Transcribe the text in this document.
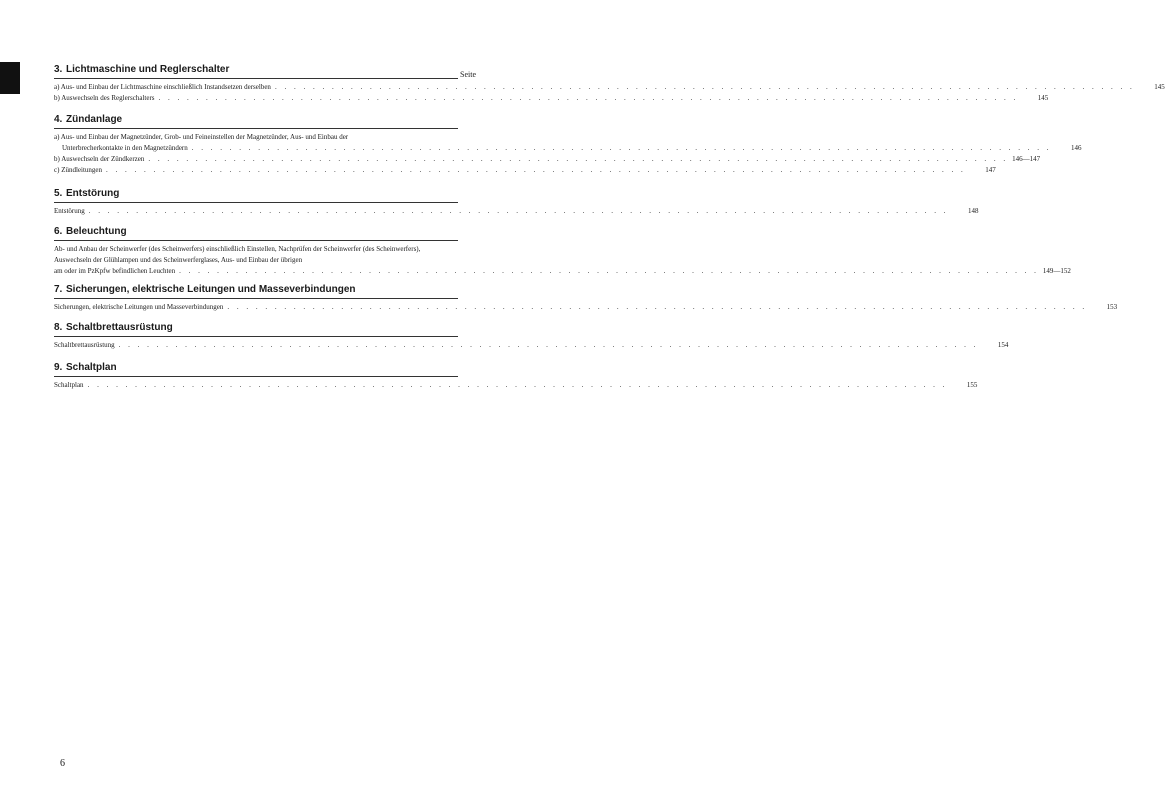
Seite
3. Lichtmaschine und Reglerschalter
a) Aus- und Einbau der Lichtmaschine einschließlich Instandsetzen derselben . . .	145
b) Auswechseln des Reglerschalters . . .	145
4. Zündanlage
a) Aus- und Einbau der Magnetzünder, Grob- und Feineinstellen der Magnetzünder, Aus- und Einbau der
Unterbrecherkontakte in den Magnetzündern . . .	146
b) Auswechseln der Zündkerzen . . .	146—147
c) Zündleitungen . . .	147
5. Entstörung
Entstörung . . .	148
6. Beleuchtung
Ab- und Anbau der Scheinwerfer (des Scheinwerfers) einschließlich Einstellen, Nachprüfen der Scheinwerfer (des Scheinwerfers), Auswechseln der Glühlampen und des Scheinwerferglases, Aus- und Einbau der übrigen
am oder im PzKpfw befindlichen Leuchten . . .	149—152
7. Sicherungen, elektrische Leitungen und Masseverbindungen
Sicherungen, elektrische Leitungen und Masseverbindungen . . .	153
8. Schaltbrettausrüstung
Schaltbrettausrüstung . . .	154
9. Schaltplan
Schaltplan . . .	155
6
